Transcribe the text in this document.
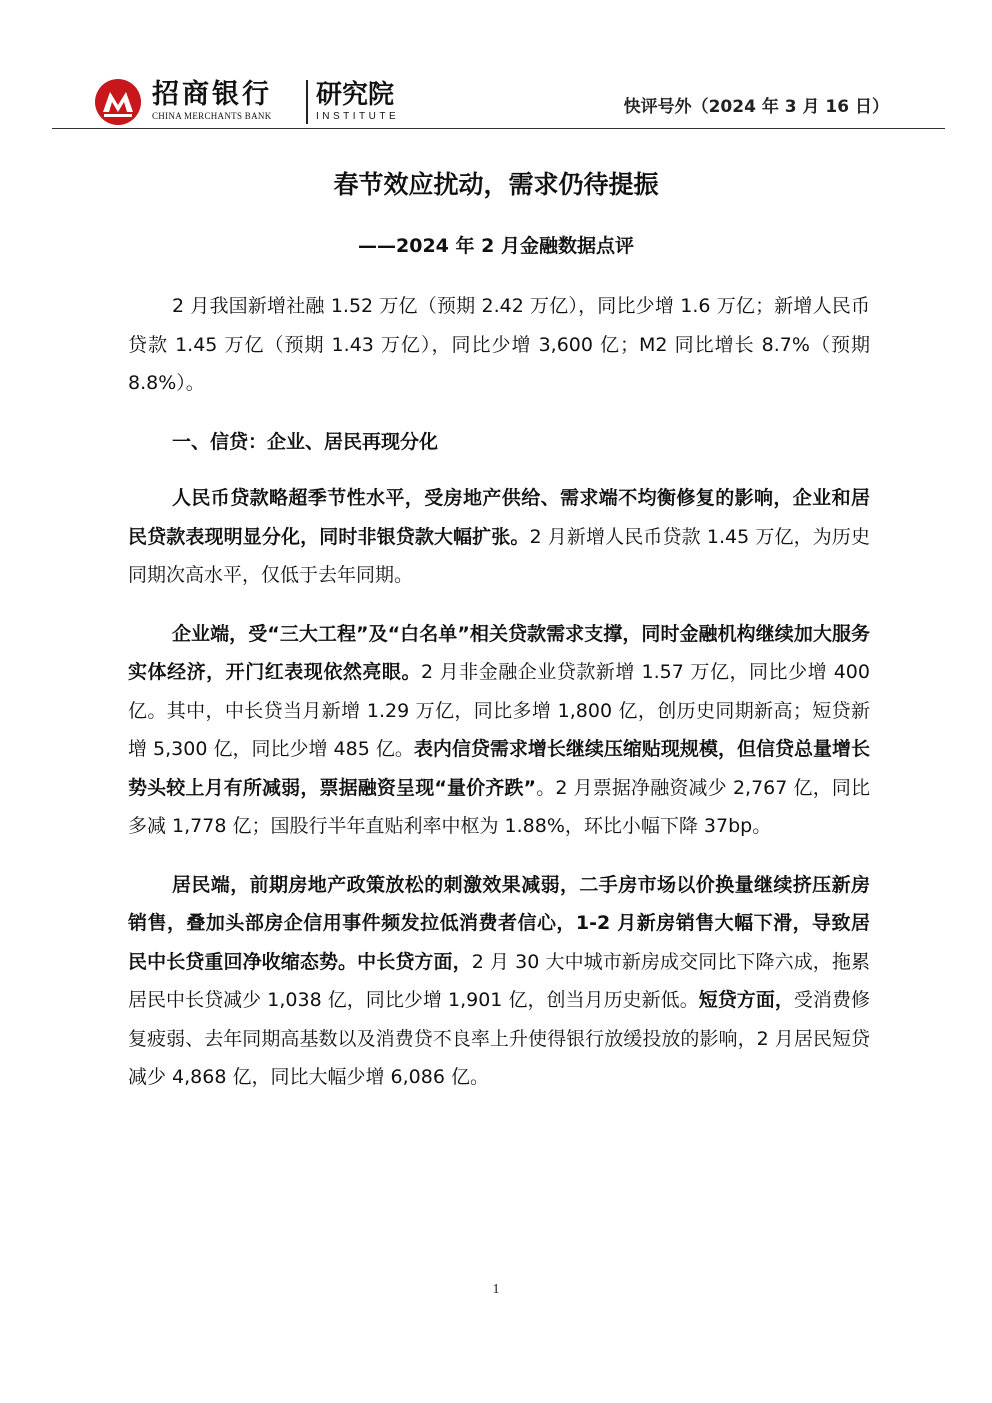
招商银行
CHINA MERCHANTS BANK
研究院
INSTITUTE	快评号外（2024 年 3 月 16 日）
春节效应扰动，需求仍待提振
——2024 年 2 月金融数据点评

2 月我国新增社融 1.52 万亿（预期 2.42 万亿），同比少增 1.6 万亿；新增人民币贷款 1.45 万亿（预期 1.43 万亿），同比少增 3,600 亿；M2 同比增长 8.7%（预期 8.8%）。

一、信贷：企业、居民再现分化

人民币贷款略超季节性水平，受房地产供给、需求端不均衡修复的影响，企业和居民贷款表现明显分化，同时非银贷款大幅扩张。2 月新增人民币贷款 1.45 万亿，为历史同期次高水平，仅低于去年同期。

企业端，受“三大工程”及“白名单”相关贷款需求支撑，同时金融机构继续加大服务实体经济，开门红表现依然亮眼。2 月非金融企业贷款新增 1.57 万亿，同比少增 400 亿。其中，中长贷当月新增 1.29 万亿，同比多增 1,800 亿，创历史同期新高；短贷新增 5,300 亿，同比少增 485 亿。表内信贷需求增长继续压缩贴现规模，但信贷总量增长势头较上月有所减弱，票据融资呈现“量价齐跌”。2 月票据净融资减少 2,767 亿，同比多减 1,778 亿；国股行半年直贴利率中枢为 1.88%，环比小幅下降 37bp。

居民端，前期房地产政策放松的刺激效果减弱，二手房市场以价换量继续挤压新房销售，叠加头部房企信用事件频发拉低消费者信心，1-2 月新房销售大幅下滑，导致居民中长贷重回净收缩态势。中长贷方面，2 月 30 大中城市新房成交同比下降六成，拖累居民中长贷减少 1,038 亿，同比少增 1,901 亿，创当月历史新低。短贷方面，受消费修复疲弱、去年同期高基数以及消费贷不良率上升使得银行放缓投放的影响，2 月居民短贷减少 4,868 亿，同比大幅少增 6,086 亿。

1
